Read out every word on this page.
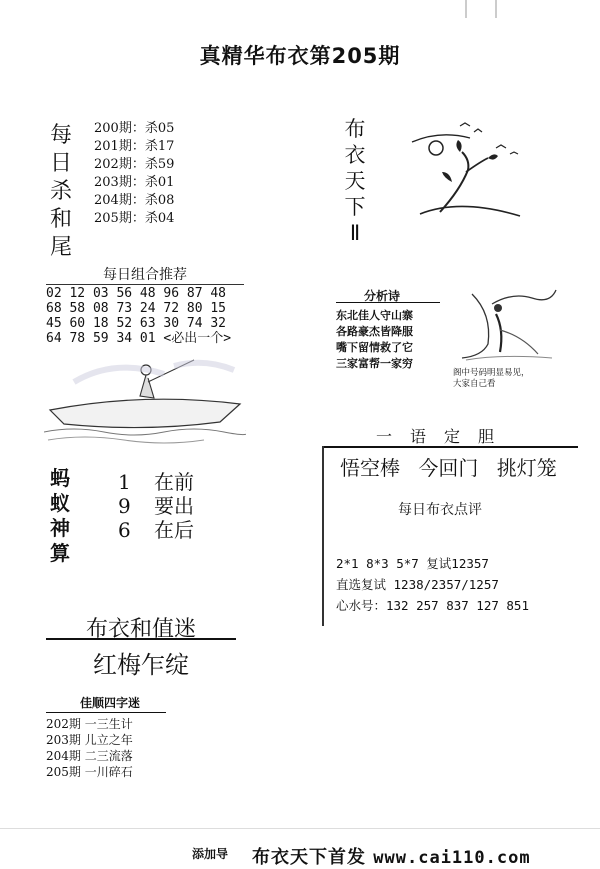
真精华布衣第205期
每
日
杀
和
尾
200期：杀05
201期：杀17
202期：杀59
203期：杀01
204期：杀08
205期：杀04
每日组合推荐
02 12 03 56 48 96 87 48
68 58 08 73 24 72 80 15
45 60 18 52 63 30 74 32
64 78 59 34 01 <必出一个>
蚂
蚁
神
算
1 在前
9 要出
6 在后
布衣和值迷
红梅乍绽
佳顺四字迷
202期 一三生计
203期 儿立之年
204期 二三流落
205期 一川碎石
布
衣
天
下
Ⅱ
分析诗
东北佳人守山寨
各路豪杰皆降服
嘴下留情救了它
三家富帮一家穷
阁中号码明显易见，
大家自己看
一语定胆
悟空棒 今回门 挑灯笼
每日布衣点评
2*1 8*3 5*7 复试12357
直选复试 1238/2357/1257
心水号：132 257 837 127 851
添加导 布衣天下首发 www.cai110.com
